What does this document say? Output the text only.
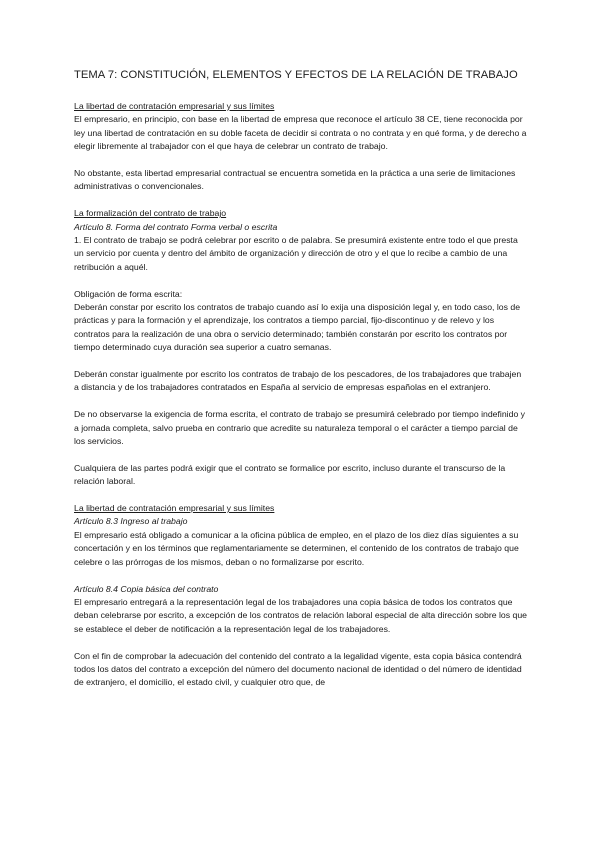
TEMA 7: CONSTITUCIÓN, ELEMENTOS Y EFECTOS DE LA RELACIÓN DE TRABAJO
La libertad de contratación empresarial y sus límites

El empresario, en principio, con base en la libertad de empresa que reconoce el artículo 38 CE, tiene reconocida por ley una libertad de contratación en su doble faceta de decidir si contrata o no contrata y en qué forma, y de derecho a elegir libremente al trabajador con el que haya de celebrar un contrato de trabajo.

No obstante, esta libertad empresarial contractual se encuentra sometida en la práctica a una serie de limitaciones administrativas o convencionales.

La formalización del contrato de trabajo
Artículo 8. Forma del contrato Forma verbal o escrita

1. El contrato de trabajo se podrá celebrar por escrito o de palabra. Se presumirá existente entre todo el que presta un servicio por cuenta y dentro del ámbito de organización y dirección de otro y el que lo recibe a cambio de una retribución a aquél.

Obligación de forma escrita:

Deberán constar por escrito los contratos de trabajo cuando así lo exija una disposición legal y, en todo caso, los de prácticas y para la formación y el aprendizaje, los contratos a tiempo parcial, fijo-discontinuo y de relevo y los contratos para la realización de una obra o servicio determinado; también constarán por escrito los contratos por tiempo determinado cuya duración sea superior a cuatro semanas.

Deberán constar igualmente por escrito los contratos de trabajo de los pescadores, de los trabajadores que trabajen a distancia y de los trabajadores contratados en España al servicio de empresas españolas en el extranjero.

De no observarse la exigencia de forma escrita, el contrato de trabajo se presumirá celebrado por tiempo indefinido y a jornada completa, salvo prueba en contrario que acredite su naturaleza temporal o el carácter a tiempo parcial de los servicios.

Cualquiera de las partes podrá exigir que el contrato se formalice por escrito, incluso durante el transcurso de la relación laboral.

La libertad de contratación empresarial y sus límites
Artículo 8.3 Ingreso al trabajo

El empresario está obligado a comunicar a la oficina pública de empleo, en el plazo de los diez días siguientes a su concertación y en los términos que reglamentariamente se determinen, el contenido de los contratos de trabajo que celebre o las prórrogas de los mismos, deban o no formalizarse por escrito.

Artículo 8.4 Copia básica del contrato

El empresario entregará a la representación legal de los trabajadores una copia básica de todos los contratos que deban celebrarse por escrito, a excepción de los contratos de relación laboral especial de alta dirección sobre los que se establece el deber de notificación a la representación legal de los trabajadores.

Con el fin de comprobar la adecuación del contenido del contrato a la legalidad vigente, esta copia básica contendrá todos los datos del contrato a excepción del número del documento nacional de identidad o del número de identidad de extranjero, el domicilio, el estado civil, y cualquier otro que, de
